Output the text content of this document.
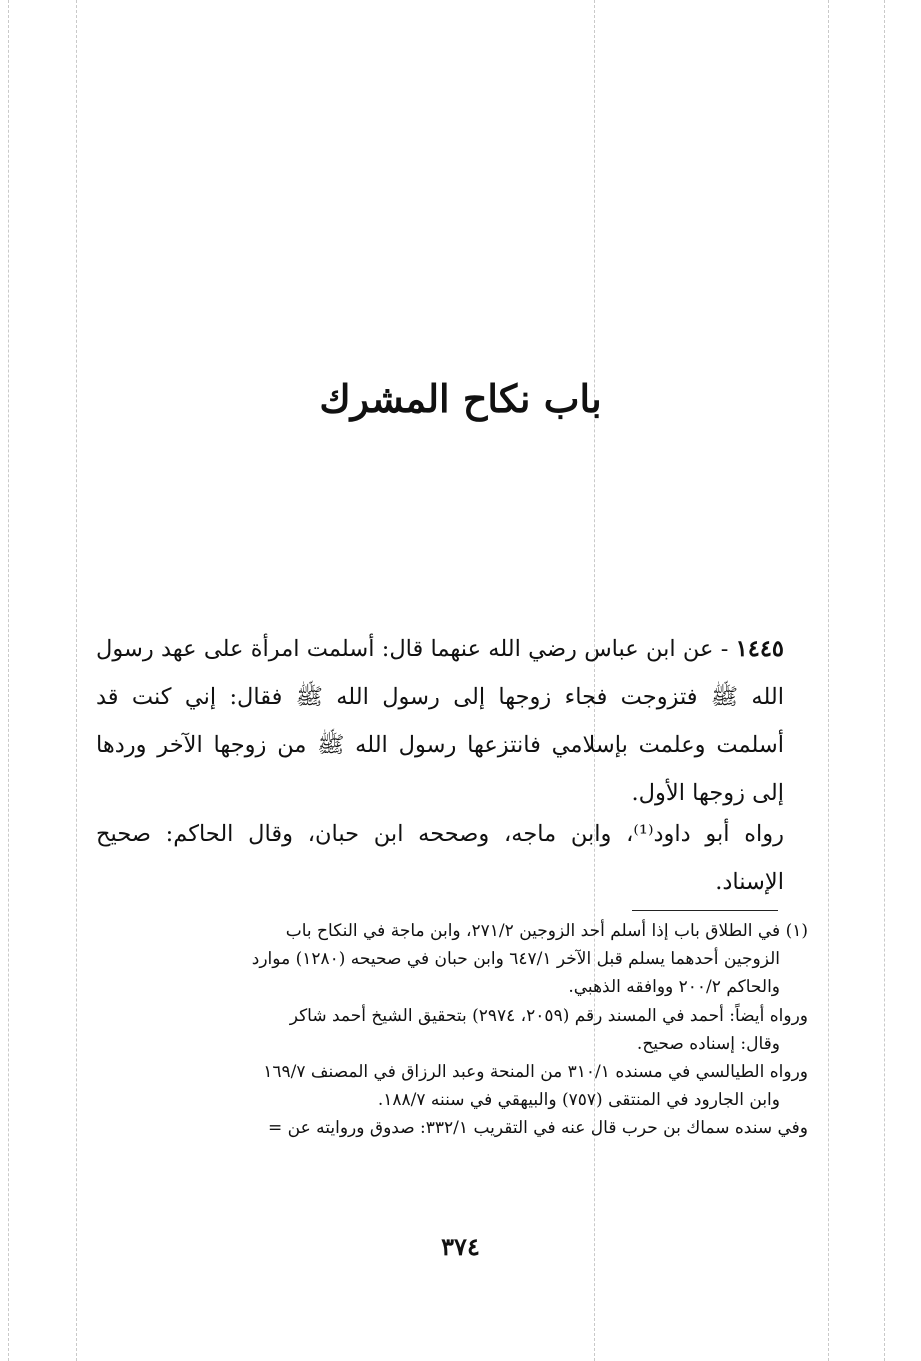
باب نكاح المشرك
١٤٤٥ - عن ابن عباس رضي الله عنهما قال: أسلمت امرأة على عهد رسول الله ﷺ فتزوجت فجاء زوجها إلى رسول الله ﷺ فقال: إني كنت قد أسلمت وعلمت بإسلامي فانتزعها رسول الله ﷺ من زوجها الآخر وردها إلى زوجها الأول.
رواه أبو داود⁽¹⁾، وابن ماجه، وصححه ابن حبان، وقال الحاكم: صحيح الإسناد.
(١) في الطلاق باب إذا أسلم أحد الزوجين ٢٧١/٢، وابن ماجة في النكاح باب
الزوجين أحدهما يسلم قبل الآخر ٦٤٧/١ وابن حبان في صحيحه (١٢٨٠) موارد
والحاكم ٢٠٠/٢ ووافقه الذهبي.
ورواه أيضاً: أحمد في المسند رقم (٢٠٥٩، ٢٩٧٤) بتحقيق الشيخ أحمد شاكر
وقال: إسناده صحيح.
ورواه الطيالسي في مسنده ٣١٠/١ من المنحة وعبد الرزاق في المصنف ١٦٩/٧
وابن الجارود في المنتقى (٧٥٧) والبيهقي في سننه ١٨٨/٧.
وفي سنده سماك بن حرب قال عنه في التقريب ٣٣٢/١: صدوق وروايته عن =
٣٧٤
